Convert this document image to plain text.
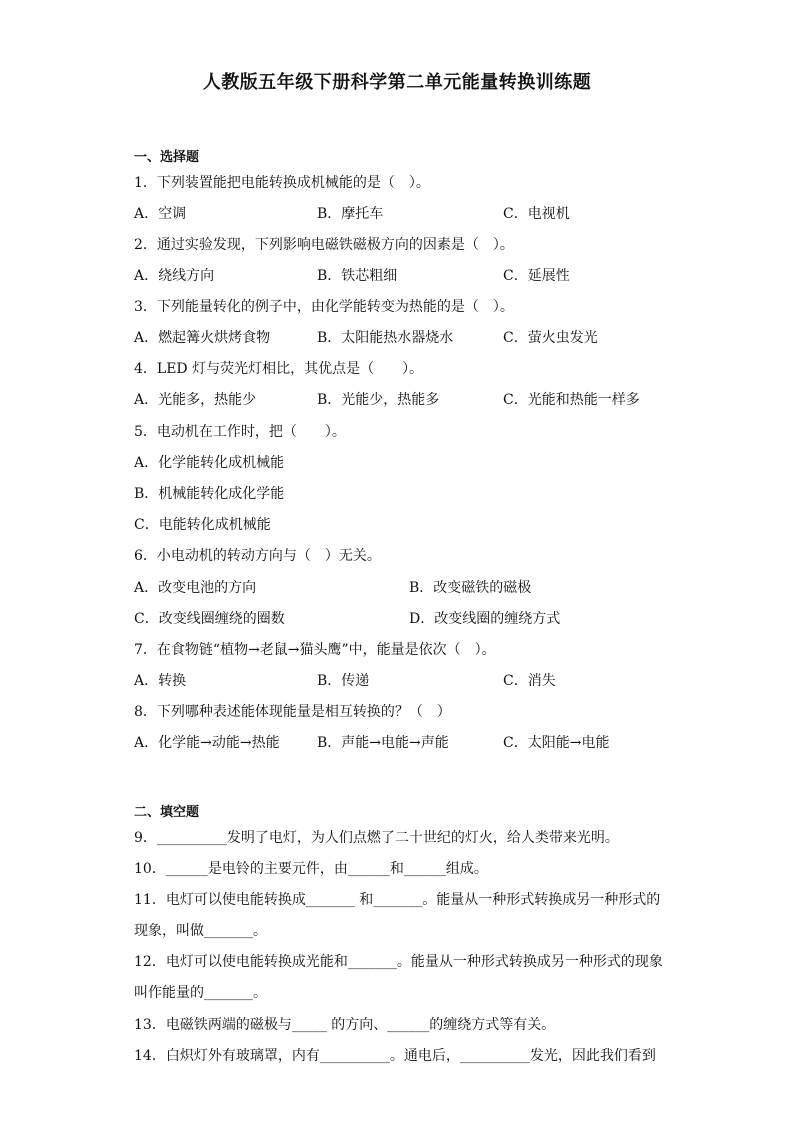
人教版五年级下册科学第二单元能量转换训练题
一、选择题
1．下列装置能把电能转换成机械能的是（　）。
A．空调	B．摩托车	C．电视机
2．通过实验发现，下列影响电磁铁磁极方向的因素是（　）。
A．绕线方向	B．铁芯粗细	C．延展性
3．下列能量转化的例子中，由化学能转变为热能的是（　）。
A．燃起篝火烘烤食物	B．太阳能热水器烧水	C．萤火虫发光
4．LED 灯与荧光灯相比，其优点是（　　）。
A．光能多，热能少	B．光能少，热能多	C．光能和热能一样多
5．电动机在工作时，把（　　）。
A．化学能转化成机械能
B．机械能转化成化学能
C．电能转化成机械能
6．小电动机的转动方向与（　）无关。
A．改变电池的方向	B．改变磁铁的磁极
C．改变线圈缠绕的圈数	D．改变线圈的缠绕方式
7．在食物链“植物→老鼠→猫头鹰”中，能量是依次（　）。
A．转换	B．传递	C．消失
8．下列哪种表述能体现能量是相互转换的？（　）
A．化学能→动能→热能	B．声能→电能→声能	C．太阳能→电能
二、填空题
9．__________发明了电灯，为人们点燃了二十世纪的灯火，给人类带来光明。
10．______是电铃的主要元件，由______和______组成。
11．电灯可以使电能转换成_______ 和_______。能量从一种形式转换成另一种形式的
现象，叫做_______。
12．电灯可以使电能转换成光能和_______。能量从一种形式转换成另一种形式的现象
叫作能量的_______。
13．电磁铁两端的磁极与_____ 的方向、______的缠绕方式等有关。
14．白炽灯外有玻璃罩，内有__________。通电后，__________发光，因此我们看到
